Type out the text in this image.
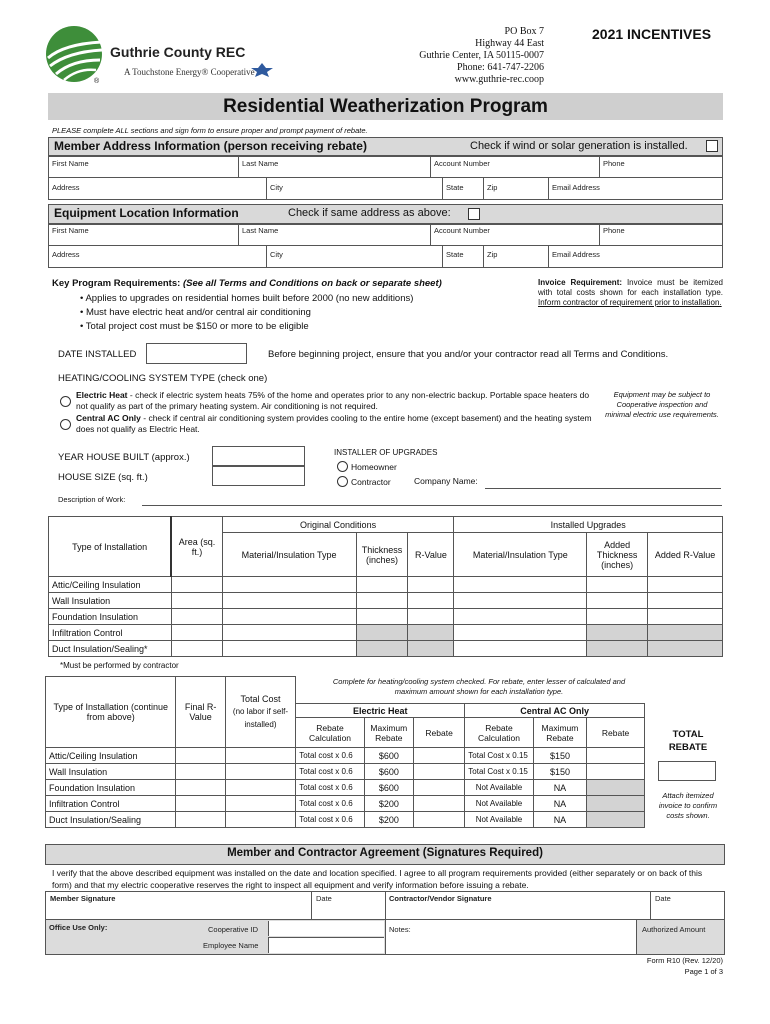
Guthrie County REC
A Touchstone Energy® Cooperative
®
PO Box 7
Highway 44 East
Guthrie Center, IA 50115-0007
Phone: 641-747-2206
www.guthrie-rec.coop
2021 INCENTIVES
Residential Weatherization Program
PLEASE complete ALL sections and sign form to ensure proper and prompt payment of rebate.
Member Address Information (person receiving rebate)	Check if wind or solar generation is installed.
First Name	Last Name	Account Number	Phone
Address	City	State	Zip	Email Address
Equipment Location Information	Check if same address as above:
First Name	Last Name	Account Number	Phone
Address	City	State	Zip	Email Address
Key Program Requirements: (See all Terms and Conditions on back or separate sheet)
• Applies to upgrades on residential homes built before 2000 (no new additions)
• Must have electric heat and/or central air conditioning
• Total project cost must be $150 or more to be eligible
Invoice Requirement: Invoice must be itemized with total costs shown for each installation type. Inform contractor of requirement prior to installation.
DATE INSTALLED	Before beginning project, ensure that you and/or your contractor read all Terms and Conditions.
HEATING/COOLING SYSTEM TYPE (check one)
Electric Heat - check if electric system heats 75% of the home and operates prior to any non-electric backup. Portable space heaters do not qualify as part of the primary heating system. Air conditioning is not required.
Central AC Only - check if central air conditioning system provides cooling to the entire home (except basement) and the heating system does not qualify as Electric Heat.
Equipment may be subject to Cooperative inspection and minimal electric use requirements.
YEAR HOUSE BUILT (approx.)
HOUSE SIZE (sq. ft.)
INSTALLER OF UPGRADES
Homeowner
Contractor	Company Name:
Description of Work:
Type of Installation	Area (sq. ft.)	Original Conditions			Installed Upgrades		
		Material/Insulation Type	Thickness (inches)	R-Value	Material/Insulation Type	Added Thickness (inches)	Added R-Value
Attic/Ceiling Insulation							
Wall Insulation							
Foundation Insulation							
Infiltration Control							
Duct Insulation/Sealing*							
*Must be performed by contractor
Complete for heating/cooling system checked. For rebate, enter lesser of calculated and maximum amount shown for each installation type.
Type of Installation (continue from above)	Final R-Value	Total Cost
(no labor if self-installed)						
			Electric Heat			Central AC Only		
			Rebate Calculation	Maximum Rebate	Rebate	Rebate Calculation	Maximum Rebate	Rebate
Attic/Ceiling Insulation			Total cost x 0.6	$600		Total Cost x 0.15	$150	
Wall Insulation			Total cost x 0.6	$600		Total Cost x 0.15	$150	
Foundation Insulation			Total cost x 0.6	$600		Not Available	NA	
Infiltration Control			Total cost x 0.6	$200		Not Available	NA	
Duct Insulation/Sealing			Total cost x 0.6	$200		Not Available	NA	
TOTAL REBATE
Attach itemized invoice to confirm costs shown.
Member and Contractor Agreement (Signatures Required)
I verify that the above described equipment was installed on the date and location specified. I agree to all program requirements provided (either separately or on back of this form) and that my electric cooperative reserves the right to inspect all equipment and verify information before issuing a rebate.
Member Signature	Date	Contractor/Vendor Signature	Date
Office Use Only:	Cooperative ID
Employee Name
Notes:	Authorized Amount
Form R10 (Rev. 12/20)
Page 1 of 3
